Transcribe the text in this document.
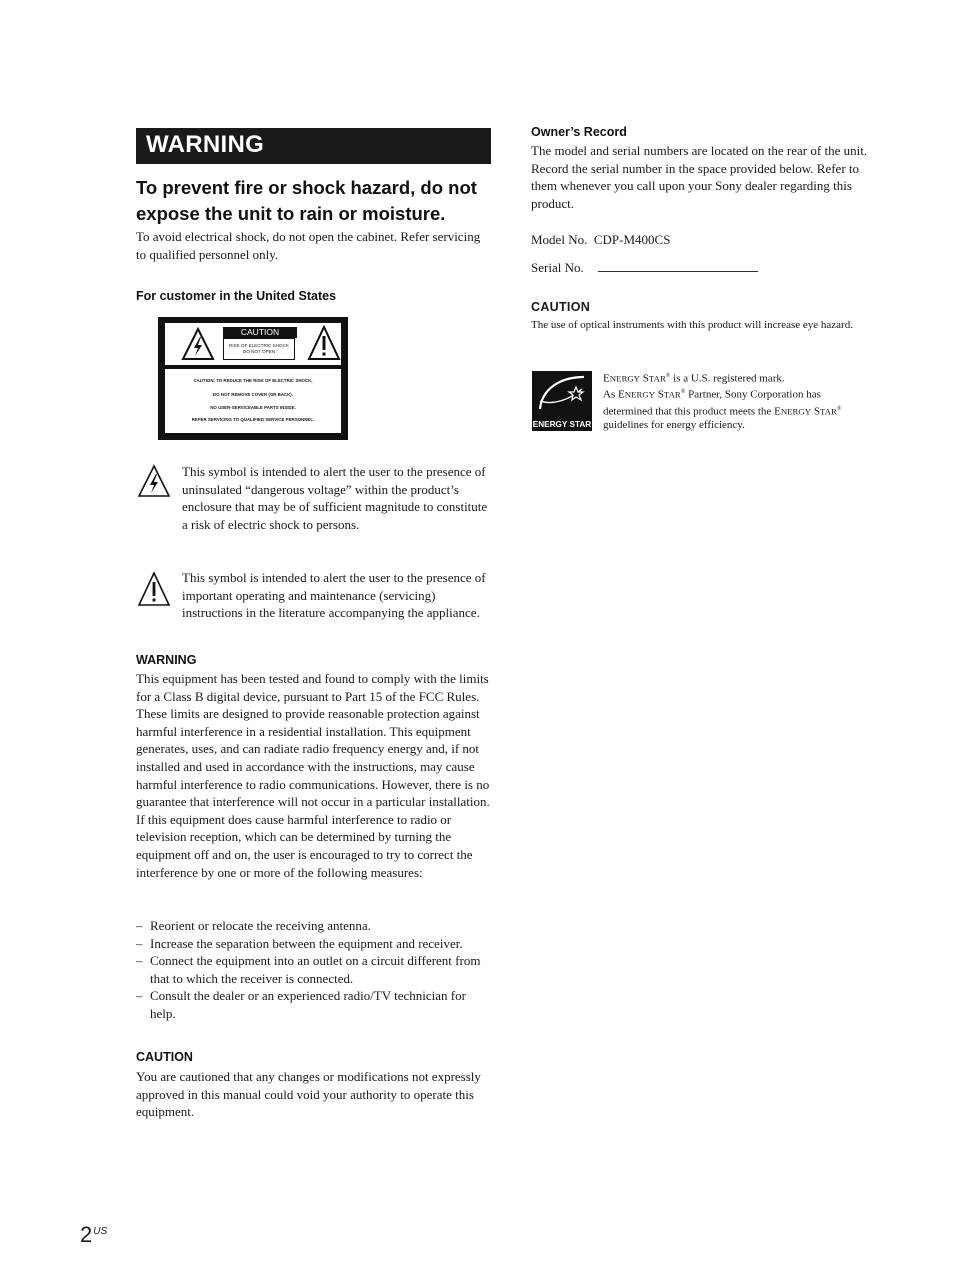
WARNING
To prevent fire or shock hazard, do not expose the unit to rain or moisture.
To avoid electrical shock, do not open the cabinet. Refer servicing to qualified personnel only.
For customer in the United States
CAUTION
RISK OF ELECTRIC SHOCK
DO NOT OPEN
CAUTION: TO REDUCE THE RISK OF ELECTRIC SHOCK,
DO NOT REMOVE COVER (OR BACK).
NO USER-SERVICEABLE PARTS INSIDE.
REFER SERVICING TO QUALIFIED SERVICE PERSONNEL.
This symbol is intended to alert the user to the presence of uninsulated “dangerous voltage” within the product’s enclosure that may be of sufficient magnitude to constitute a risk of electric shock to persons.
This symbol is intended to alert the user to the presence of important operating and maintenance (servicing) instructions in the literature accompanying the appliance.
WARNING
This equipment has been tested and found to comply with the limits for a Class B digital device, pursuant to Part 15 of the FCC Rules. These limits are designed to provide reasonable protection against harmful interference in a residential installation. This equipment generates, uses, and can radiate radio frequency energy and, if not installed and used in accordance with the instructions, may cause harmful interference to radio communications. However, there is no guarantee that interference will not occur in a particular installation. If this equipment does cause harmful interference to radio or television reception, which can be determined by turning the equipment off and on, the user is encouraged to try to correct the interference by one or more of the following measures:
– Reorient or relocate the receiving antenna.
– Increase the separation between the equipment and receiver.
– Connect the equipment into an outlet on a circuit different from that to which the receiver is connected.
– Consult the dealer or an experienced radio/TV technician for help.
CAUTION
You are cautioned that any changes or modifications not expressly approved in this manual could void your authority to operate this equipment.
Owner’s Record
The model and serial numbers are located on the rear of the unit. Record the serial number in the space provided below. Refer to them whenever you call upon your Sony dealer regarding this product.
Model No. CDP-M400CS
Serial No.
CAUTION
The use of optical instruments with this product will increase eye hazard.
ENERGY STAR
ENERGY STAR® is a U.S. registered mark.
As ENERGY STAR® Partner, Sony Corporation has determined that this product meets the ENERGY STAR® guidelines for energy efficiency.
$2^{US}$
